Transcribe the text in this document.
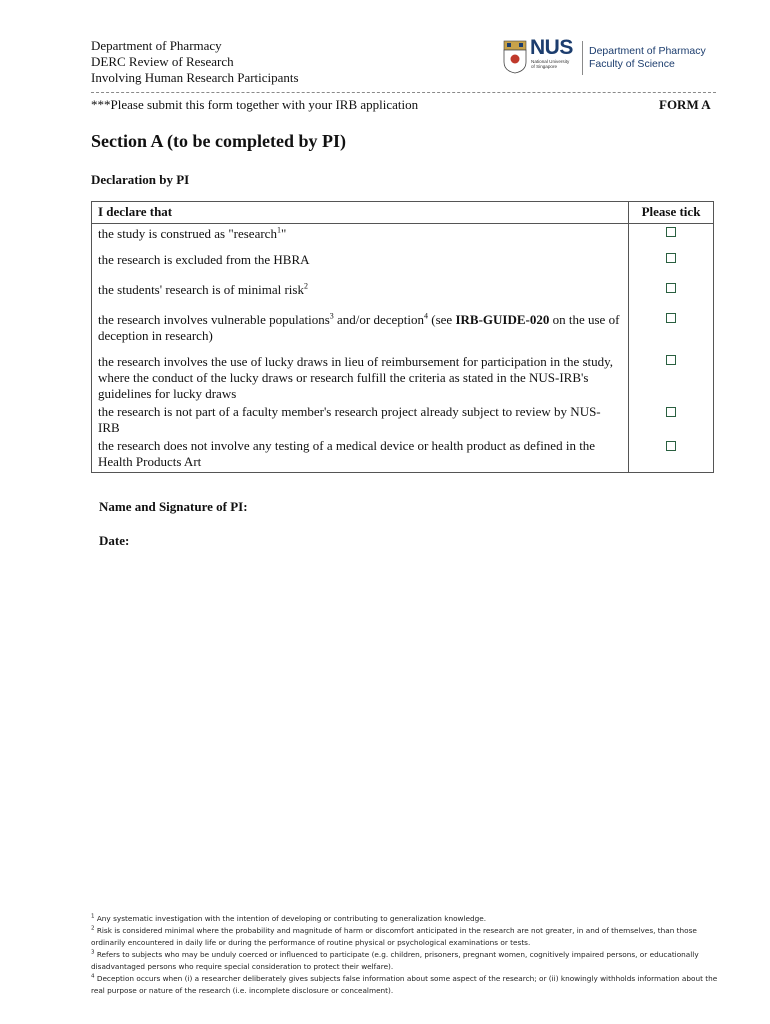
Department of Pharmacy
DERC Review of Research
Involving Human Research Participants
NUS
National University
of Singapore
Department of Pharmacy
Faculty of Science
***Please submit this form together with your IRB application	FORM A
Section A (to be completed by PI)
Declaration by PI
I declare that	Please tick
the study is construed as "research$^1$"	
the research is excluded from the HBRA	
the students' research is of minimal risk$^2$	
the research involves vulnerable populations$^3$ and/or deception$^4$ (see IRB-GUIDE-020 on the use of deception in research)	
the research involves the use of lucky draws in lieu of reimbursement for participation in the study, where the conduct of the lucky draws or research fulfill the criteria as stated in the NUS-IRB's guidelines for lucky draws	
the research is not part of a faculty member's research project already subject to review by NUS-IRB	
the research does not involve any testing of a medical device or health product as defined in the Health Products Art	
Name and Signature of PI:
Date:

$^1$ Any systematic investigation with the intention of developing or contributing to generalization knowledge.

$^2$ Risk is considered minimal where the probability and magnitude of harm or discomfort anticipated in the research are not greater, in and of themselves, than those ordinarily encountered in daily life or during the performance of routine physical or psychological examinations or tests.

$^3$ Refers to subjects who may be unduly coerced or influenced to participate (e.g. children, prisoners, pregnant women, cognitively impaired persons, or educationally disadvantaged persons who require special consideration to protect their welfare).

$^4$ Deception occurs when (i) a researcher deliberately gives subjects false information about some aspect of the research; or (ii) knowingly withholds information about the real purpose or nature of the research (i.e. incomplete disclosure or concealment).
